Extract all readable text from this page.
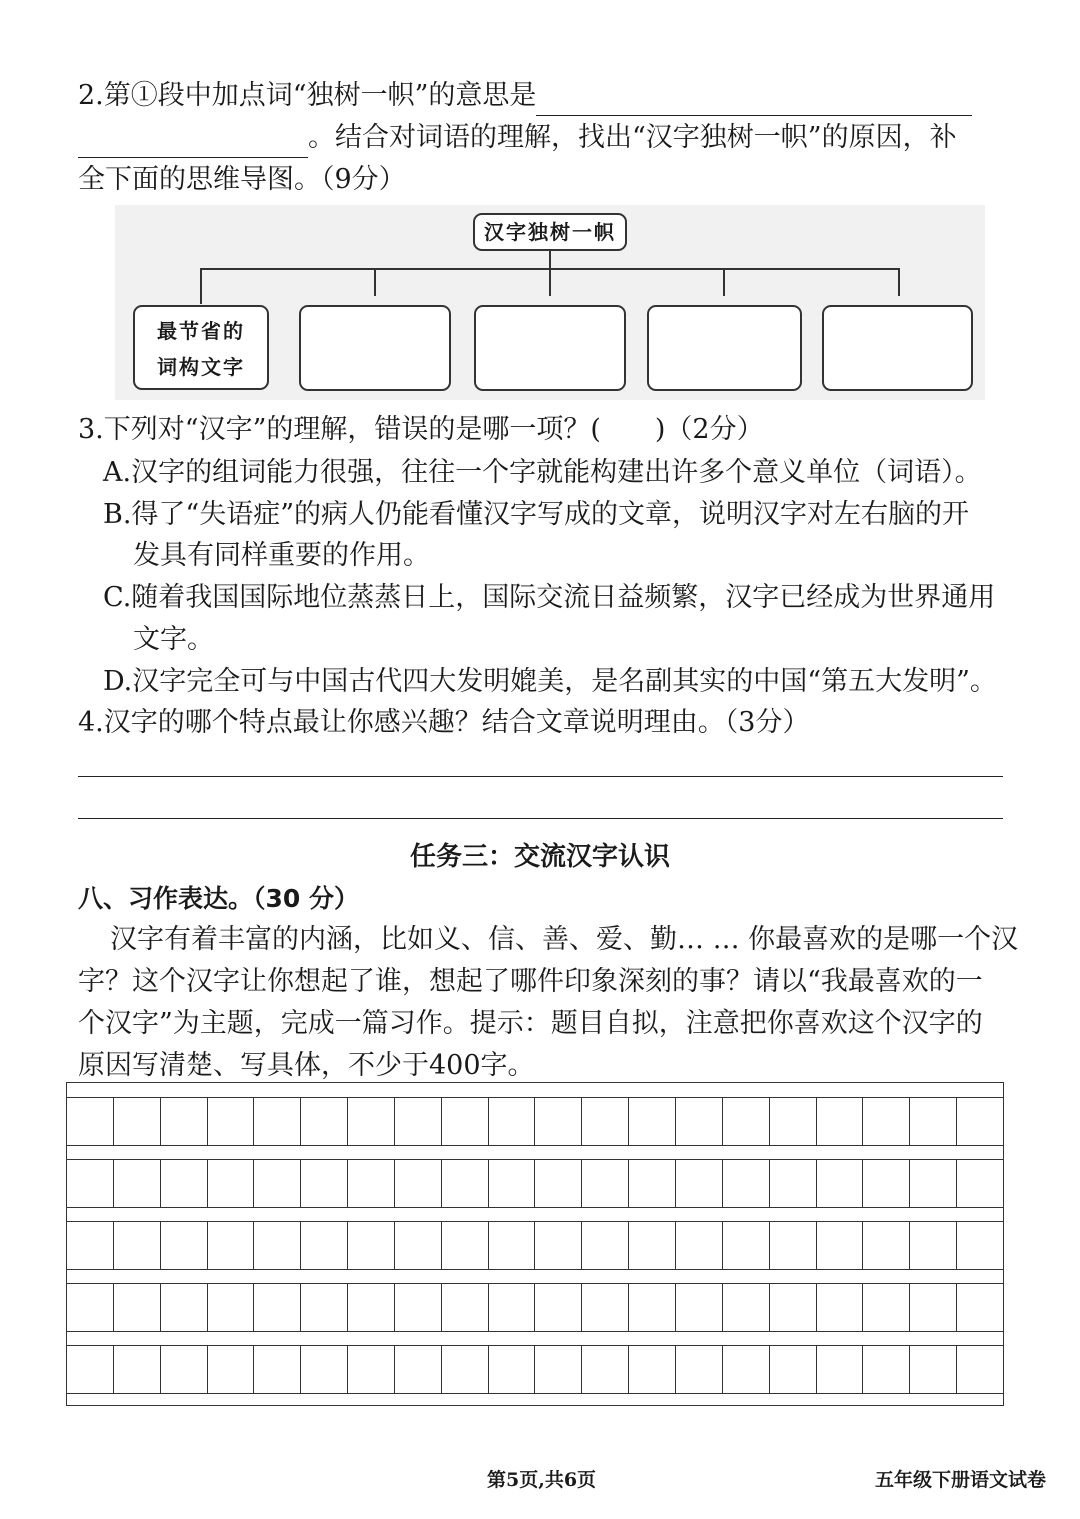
2.第①段中加点词“独树一帜”的意思是
。结合对词语的理解，找出“汉字独树一帜”的原因，补
全下面的思维导图。（9分）
汉字独树一帜
最节省的
词构文字
3.下列对“汉字”的理解，错误的是哪一项？(　　)（2分）
A.汉字的组词能力很强，往往一个字就能构建出许多个意义单位（词语）。
B.得了“失语症”的病人仍能看懂汉字写成的文章，说明汉字对左右脑的开
发具有同样重要的作用。
C.随着我国国际地位蒸蒸日上，国际交流日益频繁，汉字已经成为世界通用
文字。
D.汉字完全可与中国古代四大发明媲美，是名副其实的中国“第五大发明”。
4.汉字的哪个特点最让你感兴趣？结合文章说明理由。（3分）
任务三：交流汉字认识
八、习作表达。（30 分）
汉字有着丰富的内涵，比如义、信、善、爱、勤… … 你最喜欢的是哪一个汉
字？这个汉字让你想起了谁，想起了哪件印象深刻的事？请以“我最喜欢的一
个汉字”为主题，完成一篇习作。提示：题目自拟，注意把你喜欢这个汉字的
原因写清楚、写具体，不少于400字。
第5页,共6页	五年级下册语文试卷
